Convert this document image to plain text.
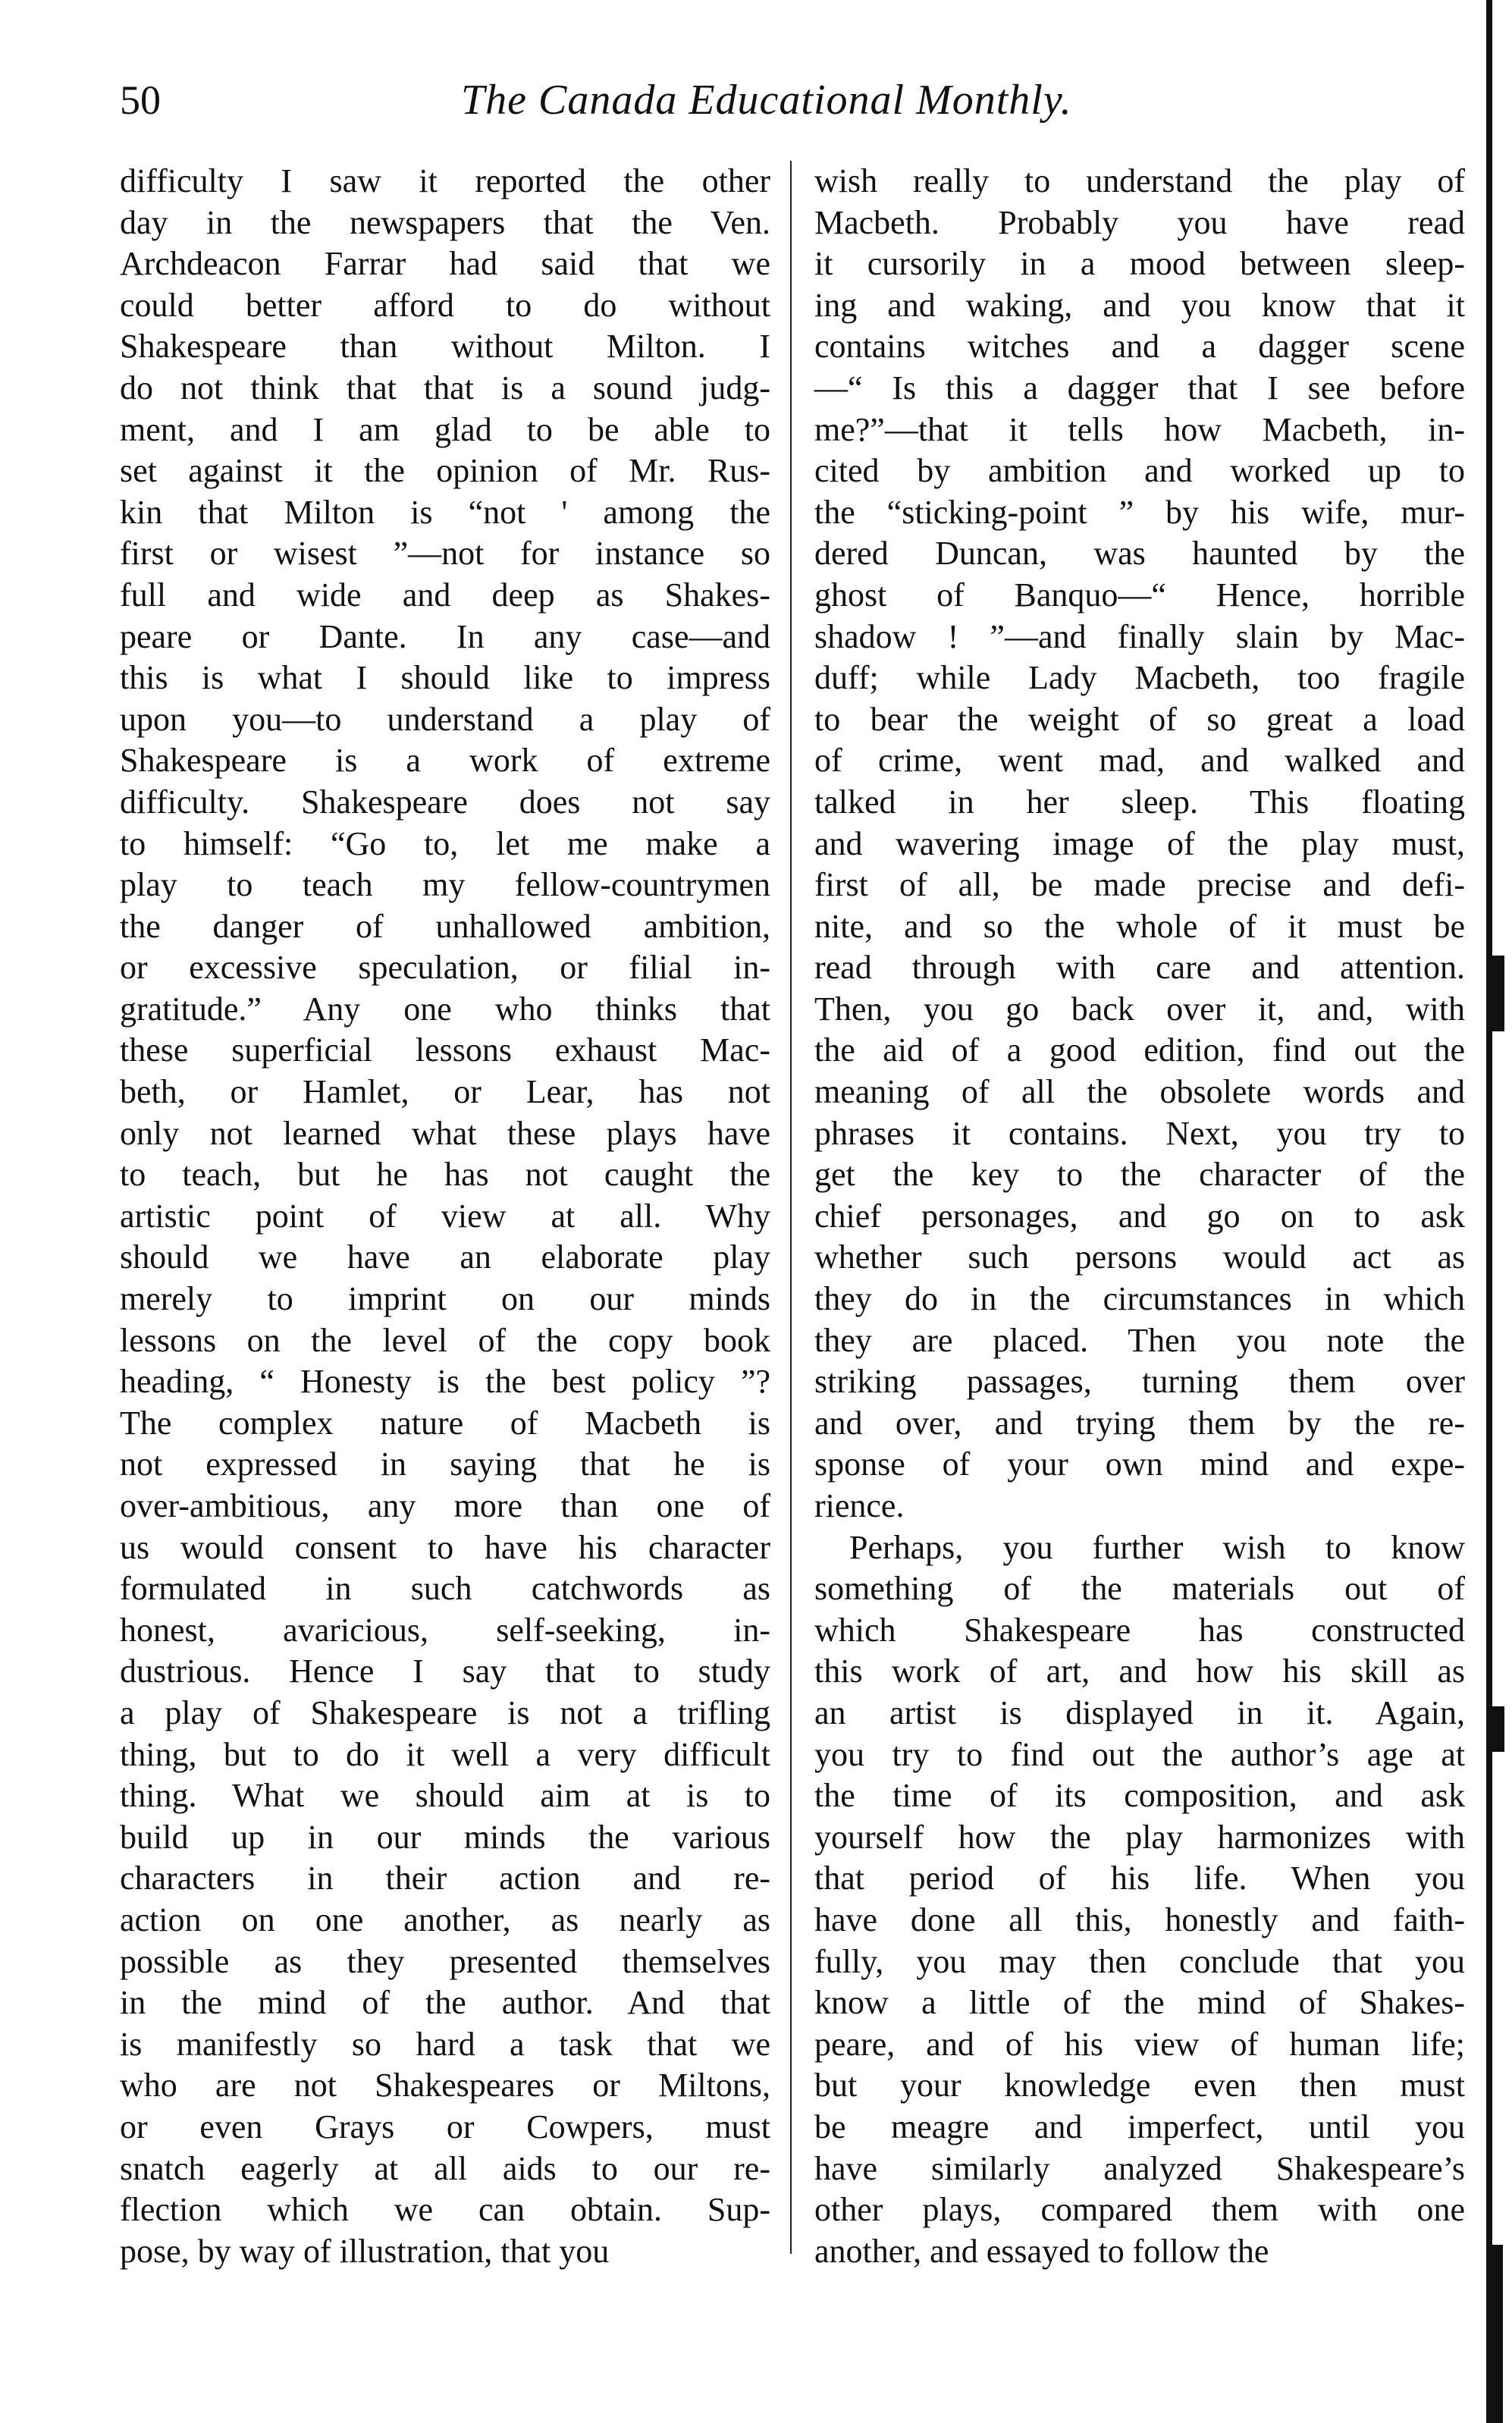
50	The Canada Educational Monthly.
difficulty I saw it reported the other
day in the newspapers that the Ven.
Archdeacon Farrar had said that we
could better afford to do without
Shakespeare than without Milton. I
do not think that that is a sound judg-
ment, and I am glad to be able to
set against it the opinion of Mr. Rus-
kin that Milton is “not ' among the
first or wisest ”—not for instance so
full and wide and deep as Shakes-
peare or Dante. In any case—and
this is what I should like to impress
upon you—to understand a play of
Shakespeare is a work of extreme
difficulty. Shakespeare does not say
to himself: “Go to, let me make a
play to teach my fellow-countrymen
the danger of unhallowed ambition,
or excessive speculation, or filial in-
gratitude.” Any one who thinks that
these superficial lessons exhaust Mac-
beth, or Hamlet, or Lear, has not
only not learned what these plays have
to teach, but he has not caught the
artistic point of view at all. Why
should we have an elaborate play
merely to imprint on our minds
lessons on the level of the copy book
heading, “ Honesty is the best policy ”?
The complex nature of Macbeth is
not expressed in saying that he is
over-ambitious, any more than one of
us would consent to have his character
formulated in such catchwords as
honest, avaricious, self-seeking, in-
dustrious. Hence I say that to study
a play of Shakespeare is not a trifling
thing, but to do it well a very difficult
thing. What we should aim at is to
build up in our minds the various
characters in their action and re-
action on one another, as nearly as
possible as they presented themselves
in the mind of the author. And that
is manifestly so hard a task that we
who are not Shakespeares or Miltons,
or even Grays or Cowpers, must
snatch eagerly at all aids to our re-
flection which we can obtain. Sup-
pose, by way of illustration, that you
wish really to understand the play of
Macbeth. Probably you have read
it cursorily in a mood between sleep-
ing and waking, and you know that it
contains witches and a dagger scene
—“ Is this a dagger that I see before
me?”—that it tells how Macbeth, in-
cited by ambition and worked up to
the “sticking-point ” by his wife, mur-
dered Duncan, was haunted by the
ghost of Banquo—“ Hence, horrible
shadow ! ”—and finally slain by Mac-
duff; while Lady Macbeth, too fragile
to bear the weight of so great a load
of crime, went mad, and walked and
talked in her sleep. This floating
and wavering image of the play must,
first of all, be made precise and defi-
nite, and so the whole of it must be
read through with care and attention.
Then, you go back over it, and, with
the aid of a good edition, find out the
meaning of all the obsolete words and
phrases it contains. Next, you try to
get the key to the character of the
chief personages, and go on to ask
whether such persons would act as
they do in the circumstances in which
they are placed. Then you note the
striking passages, turning them over
and over, and trying them by the re-
sponse of your own mind and expe-
rience.
Perhaps, you further wish to know
something of the materials out of
which Shakespeare has constructed
this work of art, and how his skill as
an artist is displayed in it. Again,
you try to find out the author’s age at
the time of its composition, and ask
yourself how the play harmonizes with
that period of his life. When you
have done all this, honestly and faith-
fully, you may then conclude that you
know a little of the mind of Shakes-
peare, and of his view of human life;
but your knowledge even then must
be meagre and imperfect, until you
have similarly analyzed Shakespeare’s
other plays, compared them with one
another, and essayed to follow the
